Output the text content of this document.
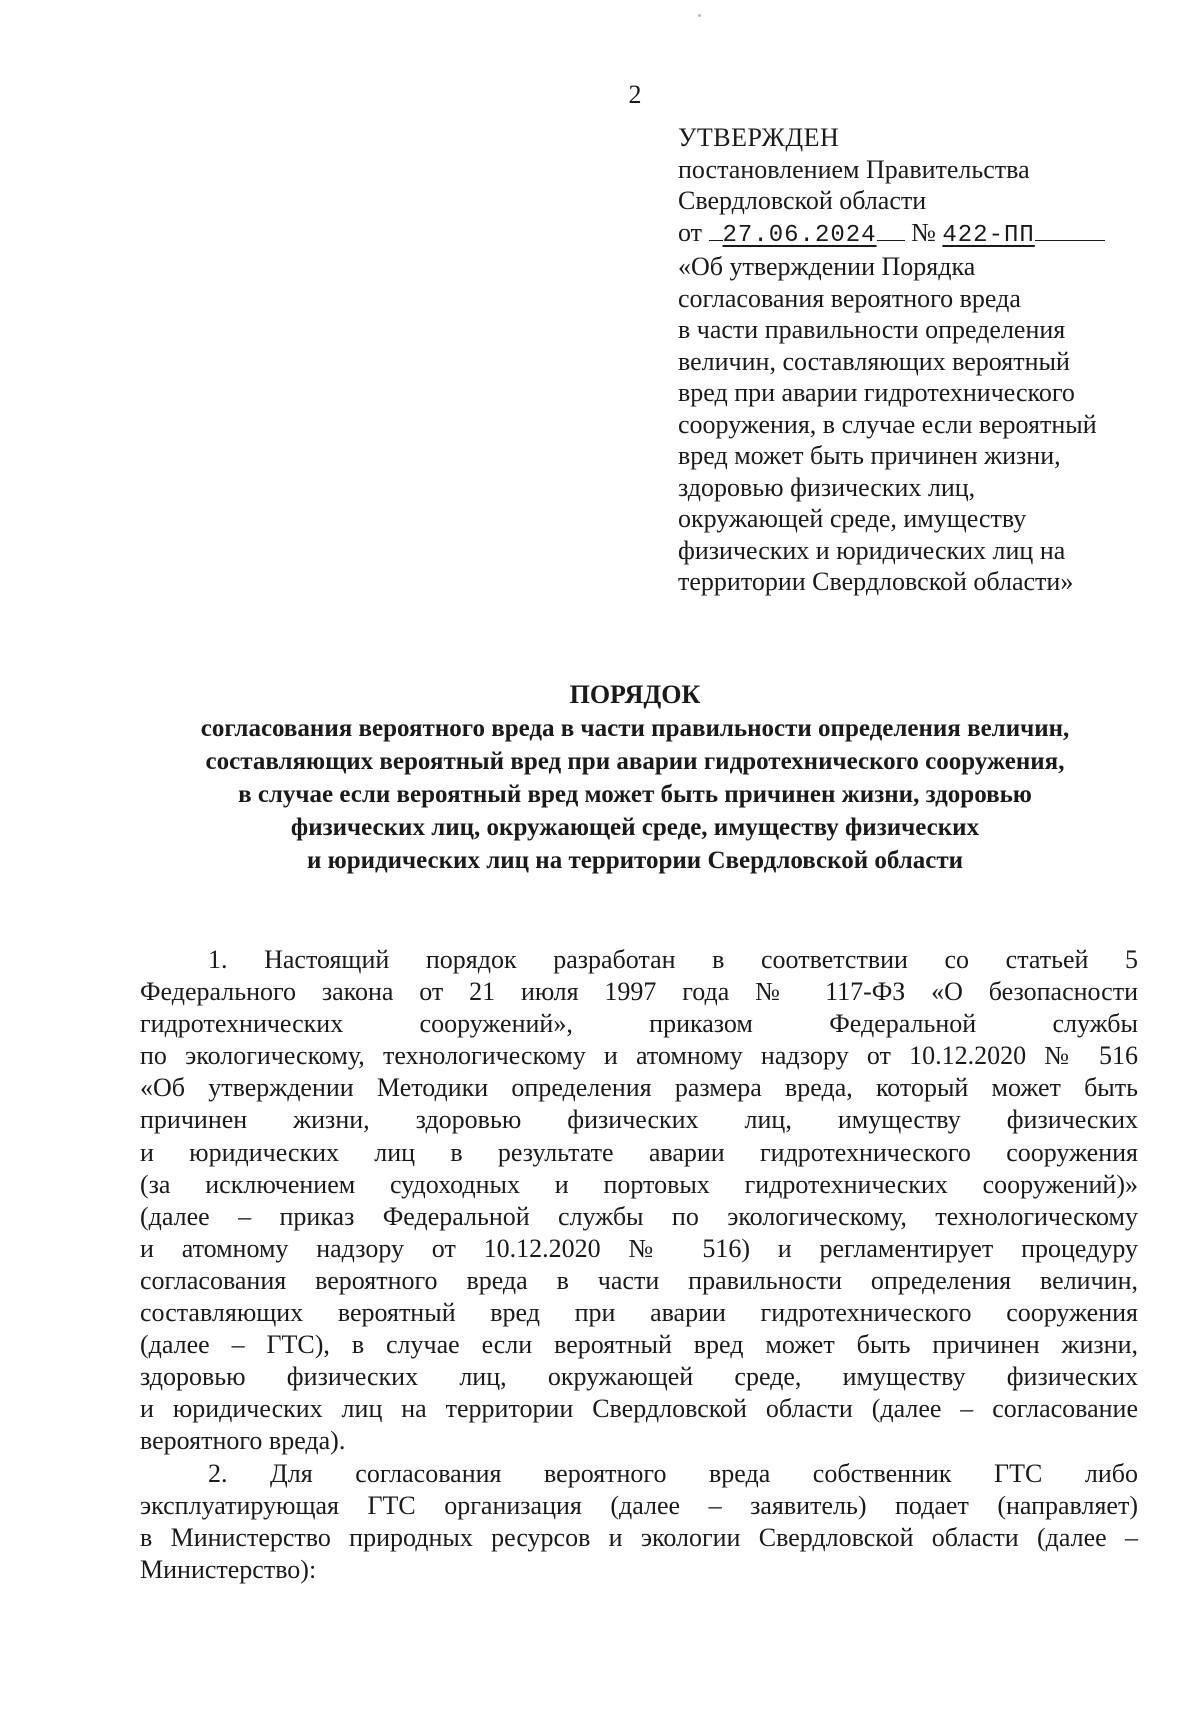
2
УТВЕРЖДЕН
постановлением Правительства
Свердловской области
от 27.06.2024 № 422-ПП
«Об утверждении Порядка
согласования вероятного вреда
в части правильности определения
величин, составляющих вероятный
вред при аварии гидротехнического
сооружения, в случае если вероятный
вред может быть причинен жизни,
здоровью физических лиц,
окружающей среде, имуществу
физических и юридических лиц на
территории Свердловской области»
ПОРЯДОК
согласования вероятного вреда в части правильности определения величин,
составляющих вероятный вред при аварии гидротехнического сооружения,
в случае если вероятный вред может быть причинен жизни, здоровью
физических лиц, окружающей среде, имуществу физических
и юридических лиц на территории Свердловской области
1. Настоящий порядок разработан в соответствии со статьей 5
Федерального закона от 21 июля 1997 года № 117-ФЗ «О безопасности
гидротехнических сооружений», приказом Федеральной службы
по экологическому, технологическому и атомному надзору от 10.12.2020 № 516
«Об утверждении Методики определения размера вреда, который может быть
причинен жизни, здоровью физических лиц, имуществу физических
и юридических лиц в результате аварии гидротехнического сооружения
(за исключением судоходных и портовых гидротехнических сооружений)»
(далее – приказ Федеральной службы по экологическому, технологическому
и атомному надзору от 10.12.2020 № 516) и регламентирует процедуру
согласования вероятного вреда в части правильности определения величин,
составляющих вероятный вред при аварии гидротехнического сооружения
(далее – ГТС), в случае если вероятный вред может быть причинен жизни,
здоровью физических лиц, окружающей среде, имуществу физических
и юридических лиц на территории Свердловской области (далее – согласование
вероятного вреда).
2. Для согласования вероятного вреда собственник ГТС либо
эксплуатирующая ГТС организация (далее – заявитель) подает (направляет)
в Министерство природных ресурсов и экологии Свердловской области (далее –
Министерство):
